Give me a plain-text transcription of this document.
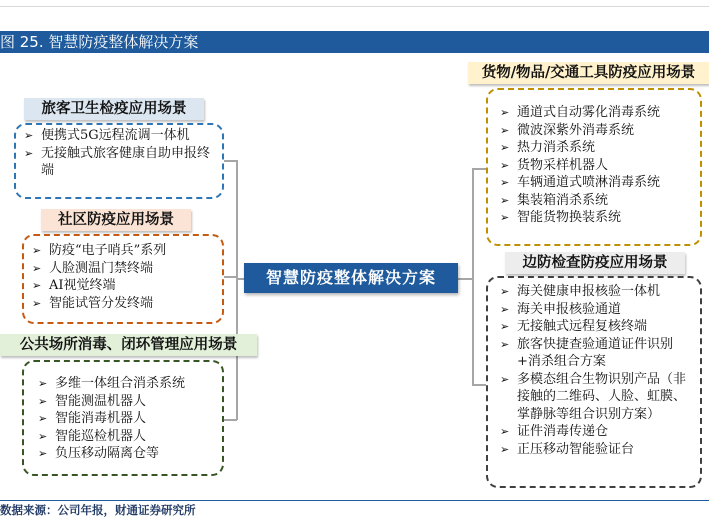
图 25. 智慧防疫整体解决方案
旅客卫生检疫应用场景
➢ 便携式5G远程流调一体机
➢ 无接触式旅客健康自助申报终端
社区防疫应用场景
➢ 防疫“电子哨兵”系列
➢ 人脸测温门禁终端
➢ AI视觉终端
➢ 智能试管分发终端
公共场所消毒、闭环管理应用场景
➢ 多维一体组合消杀系统
➢ 智能测温机器人
➢ 智能消毒机器人
➢ 智能巡检机器人
➢ 负压移动隔离仓等
智慧防疫整体解决方案
货物/物品/交通工具防疫应用场景
➢ 通道式自动雾化消毒系统
➢ 微波深紫外消毒系统
➢ 热力消杀系统
➢ 货物采样机器人
➢ 车辆通道式喷淋消毒系统
➢ 集装箱消杀系统
➢ 智能货物换装系统
边防检查防疫应用场景
➢ 海关健康申报核验一体机
➢ 海关申报核验通道
➢ 无接触式远程复核终端
➢ 旅客快捷查验通道证件识别+消杀组合方案
➢ 多模态组合生物识别产品（非接触的二维码、人脸、虹膜、掌静脉等组合识别方案）
➢ 证件消毒传递仓
➢ 正压移动智能验证台
数据来源：公司年报，财通证券研究所
